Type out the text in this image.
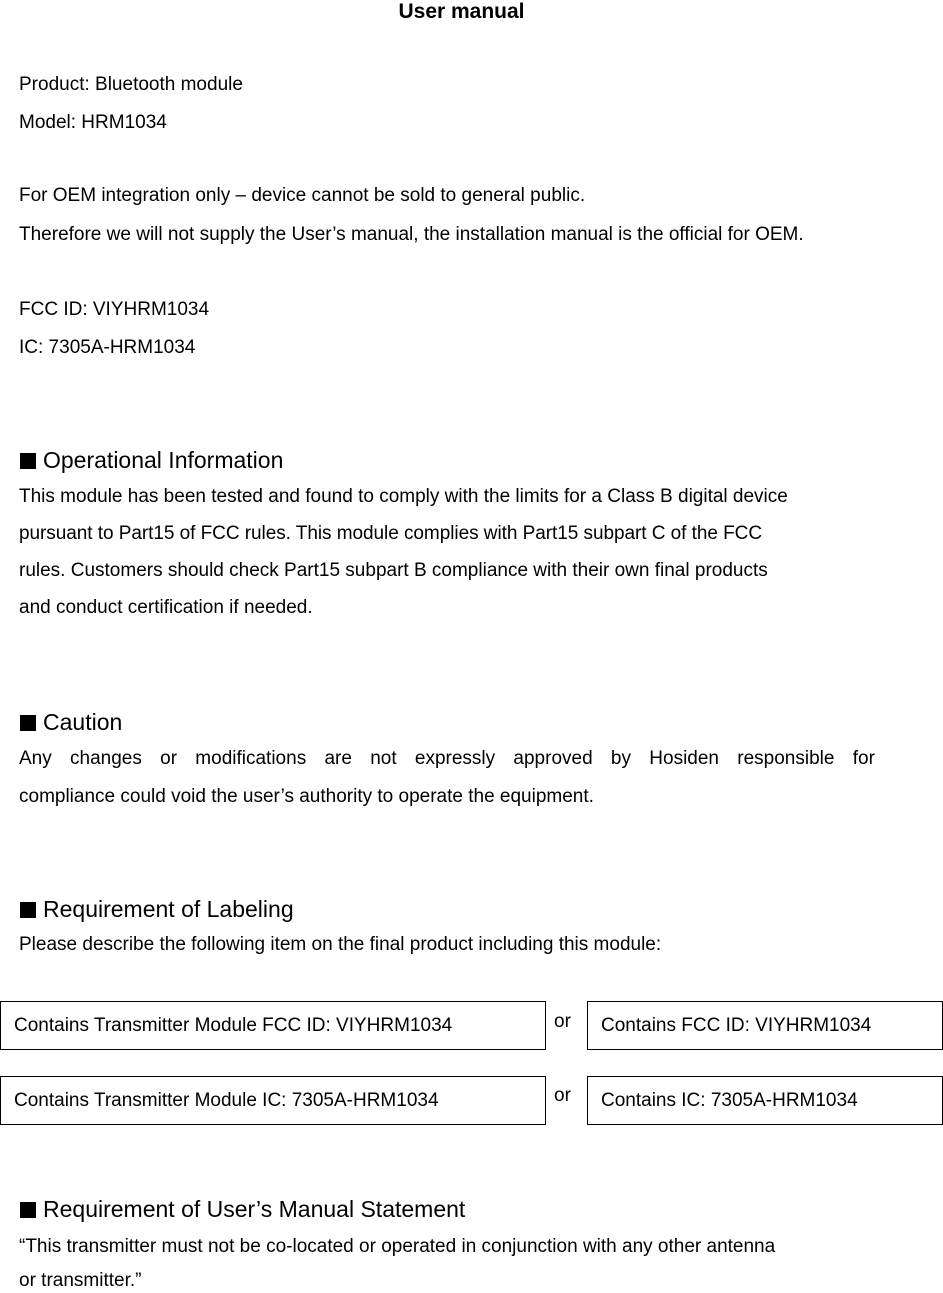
User manual
Product: Bluetooth module
Model: HRM1034
For OEM integration only – device cannot be sold to general public.
Therefore we will not supply the User’s manual, the installation manual is the official for OEM.
FCC ID: VIYHRM1034
IC: 7305A-HRM1034
Operational Information
This module has been tested and found to comply with the limits for a Class B digital device
pursuant to Part15 of FCC rules. This module complies with Part15 subpart C of the FCC
rules. Customers should check Part15 subpart B compliance with their own final products
and conduct certification if needed.
Caution
Any changes or modifications are not expressly approved by Hosiden responsible for
compliance could void the user’s authority to operate the equipment.
Requirement of Labeling
Please describe the following item on the final product including this module:
Contains Transmitter Module FCC ID: VIYHRM1034	or	Contains FCC ID: VIYHRM1034
Contains Transmitter Module IC: 7305A-HRM1034	or	Contains IC: 7305A-HRM1034
Requirement of User’s Manual Statement
“This transmitter must not be co-located or operated in conjunction with any other antenna
or transmitter.”
